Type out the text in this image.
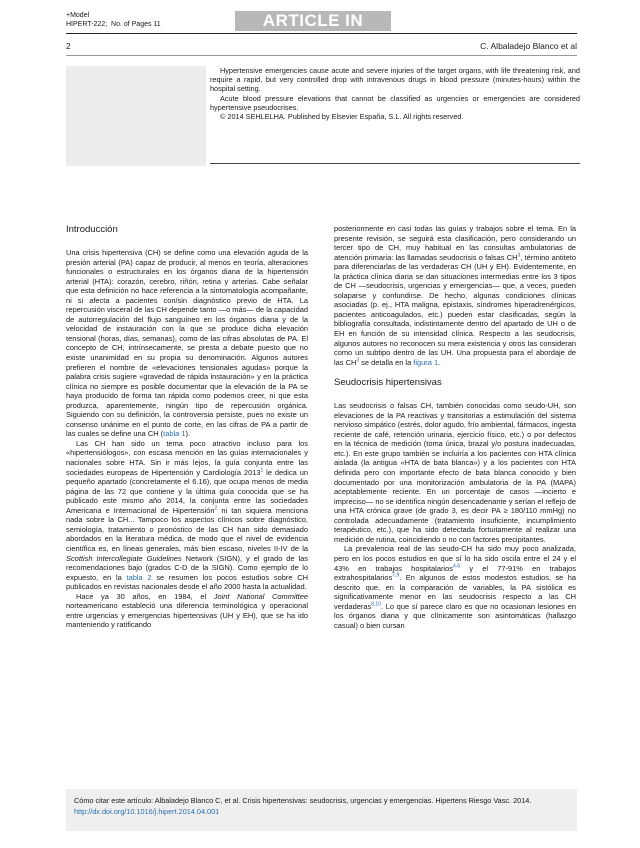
+Model
HIPERT-222; No. of Pages 11	ARTICLE IN PRESS
2	C. Albaladejo Blanco et al

Hypertensive emergencies cause acute and severe injuries of the target organs, with life threatening risk, and require a rapid, but very controlled drop with intravenous drugs in blood pressure (minutes-hours) within the hospital setting.

Acute blood pressure elevations that cannot be classified as urgencies or emergencies are considered hypertensive pseudocrises.

© 2014 SEHLELHA. Published by Elsevier España, S.L. All rights reserved.

Introducción

Una crisis hipertensiva (CH) se define como una elevación aguda de la presión arterial (PA) capaz de producir, al menos en teoría, alteraciones funcionales o estructurales en los órganos diana de la hipertensión arterial (HTA): corazón, cerebro, riñón, retina y arterias. Cabe señalar que esta definición no hace referencia a la sintomatología acompañante, ni si afecta a pacientes con/sin diagnóstico previo de HTA. La repercusión visceral de las CH depende tanto —o más— de la capacidad de autorregulación del flujo sanguíneo en los órganos diana y de la velocidad de instauración con la que se produce dicha elevación tensional (horas, días, semanas), como de las cifras absolutas de PA. El concepto de CH, intrínsecamente, se presta a debate puesto que no existe unanimidad en su propia su denominación. Algunos autores prefieren el nombre de «elevaciones tensionales agudas» porque la palabra crisis sugiere «gravedad de rápida instauración» y en la práctica clínica no siempre es posible documentar que la elevación de la PA se haya producido de forma tan rápida como podemos creer, ni que esta produzca, aparentemente, ningún tipo de repercusión orgánica. Siguiendo con su definición, la controversia persiste, pues no existe un consenso unánime en el punto de corte, en las cifras de PA a partir de las cuales se define una CH (tabla 1).

Las CH han sido un tema poco atractivo incluso para los «hipertensiólogos», con escasa mención en las guías internacionales y nacionales sobre HTA. Sin ir más lejos, la guía conjunta entre las sociedades europeas de Hipertensión y Cardiología 2013$^1$ le dedica un pequeño apartado (concretamente el 6.16), que ocupa menos de media página de las 72 que contiene y la última guía conocida que se ha publicado este mismo año 2014, la conjunta entre las sociedades Americana e Internacional de Hipertensión$^2$ ni tan siquiera menciona nada sobre la CH... Tampoco los aspectos clínicos sobre diagnóstico, semiología, tratamiento o pronóstico de las CH han sido demasiado abordados en la literatura médica, de modo que el nivel de evidencia científica es, en líneas generales, más bien escaso, niveles II-IV de la Scottish Intercollegiate Guidelines Network (SIGN), y el grado de las recomendaciones bajo (grados C-D de la SIGN). Como ejemplo de lo expuesto, en la tabla 2 se resumen los pocos estudios sobre CH publicados en revistas nacionales desde el año 2000 hasta la actualidad.

Hace ya 30 años, en 1984, el Joint National Committee norteamericano estableció una diferencia terminológica y operacional entre urgencias y emergencias hipertensivas (UH y EH), que se ha ido manteniendo y ratificando

posteriormente en casi todas las guías y trabajos sobre el tema. En la presente revisión, se seguirá esta clasificación, pero considerando un tercer tipo de CH, muy habitual en las consultas ambulatorias de atención primaria: las llamadas seudocrisis o falsas $CH^3$, término antiteto para diferenciarlas de las verdaderas CH (UH y EH). Evidentemente, en la práctica clínica diaria se dan situaciones intermedias entre los 3 tipos de CH —seudocrisis, urgencias y emergencias— que, a veces, pueden solaparse y confundirse. De hecho, algunas condiciones clínicas asociadas (p. ej., HTA maligna, epistaxis, síndromes hiperadrenérgicos, pacientes anticoagulados, etc.) pueden estar clasificadas, según la bibliografía consultada, indistintamente dentro del apartado de UH o de EH en función de su intensidad clínica. Respecto a las seudocrisis, algunos autores no reconocen su mera existencia y otros las consideran como un subtipo dentro de las UH. Una propuesta para el abordaje de las $CH^3$ se detalla en la figura 1.

Seudocrisis hipertensivas

Las seudocrisis o falsas CH, también conocidas como seudo-UH, son elevaciones de la PA reactivas y transitorias a estimulación del sistema nervioso simpático (estrés, dolor agudo, frío ambiental, fármacos, ingesta reciente de café, retención urinaria, ejercicio físico, etc.) o por defectos en la técnica de medición (toma única, brazal y/o postura inadecuadas, etc.). En este grupo también se incluiría a los pacientes con HTA clínica aislada (la antigua «HTA de bata blanca») y a los pacientes con HTA definida pero con importante efecto de bata blanca conocido y bien documentado por una monitorización ambulatoria de la PA (MAPA) aceptablemente reciente. En un porcentaje de casos —incierto e impreciso— no se identifica ningún desencadenante y serían el reflejo de una HTA crónica grave (de grado 3, es decir PA ≥ 180/110 mmHg) no controlada adecuadamente (tratamiento insuficiente, incumplimiento terapéutico, etc.), que ha sido detectada fortuitamente al realizar una medición de rutina, coincidiendo o no con factores precipitantes.

La prevalencia real de las seudo-CH ha sido muy poco analizada, pero en los pocos estudios en que sí lo ha sido oscila entre el 24 y el 43% en trabajos hospitalarios$^{4-6}$ y el 77-91% en trabajos extrahospitalarios$^{7,8}$. En algunos de estos modestos estudios, se ha descrito que, en la comparación de variables, la PA sistólica es significativamente menor en las seudocrisis respecto a las CH verdaderas$^{8,10}$. Lo que sí parece claro es que no ocasionan lesiones en los órganos diana y que clínicamente son asintomáticas (hallazgo casual) o bien cursan

Cómo citar este artículo: Albaladejo Blanco C, et al. Crisis hipertensivas: seudocrisis, urgencias y emergencias. Hipertens Riesgo Vasc. 2014. http://dx.doi.org/10.1016/j.hipert.2014.04.001
